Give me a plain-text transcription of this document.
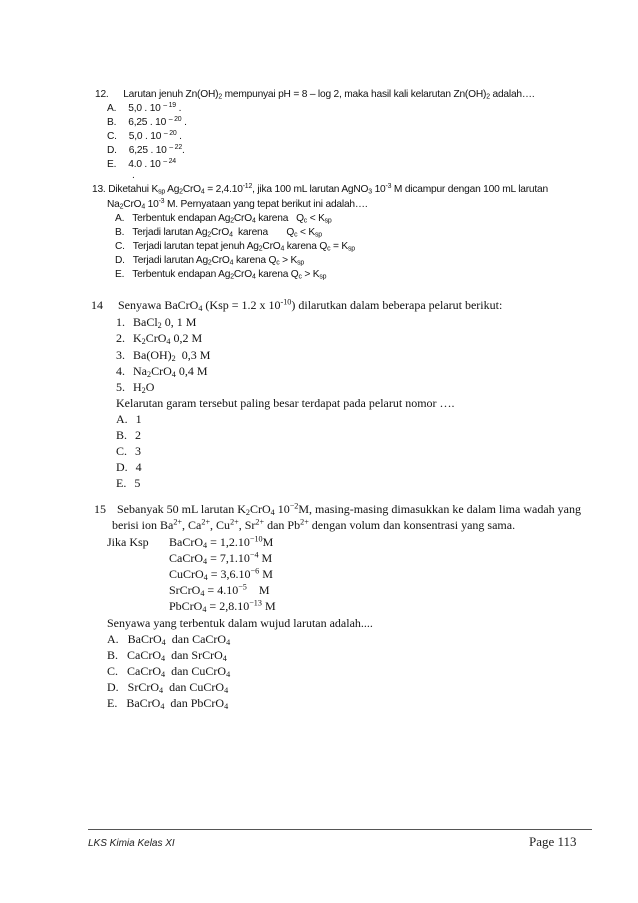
12. Larutan jenuh $Zn(OH)_2$ mempunyai pH = 8 – log 2, maka hasil kali kelarutan $Zn(OH)_2$ adalah….
A. 5,0 . 10 $^{- 19}$ .
B. 6,25 . 10 $^{- 20}$ .
C. 5,0 . 10 $^{- 20}$ .
D. 6,25 . 10 $^{- 22}$.
E. 4.0 . 10 $^{- 24}$
.
13. Diketahui $K_{sp}$ $Ag_2CrO_4 = 2,4.10^{-12}$, jika 100 mL larutan AgNO$_3$ $10^{-3}$ M dicampur dengan 100 mL larutan
$Na_2CrO_4$ $10^{-3}$ M. Pernyataan yang tepat berikut ini adalah….
A. Terbentuk endapan $Ag_2CrO_4$ karena   $Q_c < K_{sp}$
B. Terjadi larutan $Ag_2CrO_4$  karena       $Q_c < K_{sp}$
C. Terjadi larutan tepat jenuh $Ag_2CrO_4$ karena $Q_c = K_{sp}$
D. Terjadi larutan $Ag_2CrO_4$ karena $Q_c > K_{sp}$
E. Terbentuk endapan $Ag_2CrO_4$ karena $Q_c > K_{sp}$
14 Senyawa BaCrO$_4$ (Ksp = 1.2 x $10^{-10}$) dilarutkan dalam beberapa pelarut berikut:
1. BaCl$_2$ 0, 1 M
2. $K_2CrO_4$ 0,2 M
3. $Ba(OH)_2$  0,3 M
4. $Na_2CrO_4$ 0,4 M
5. $H_2O$
Kelarutan garam tersebut paling besar terdapat pada pelarut nomor ….
A. 1
B. 2
C. 3
D. 4
E. 5
15 Sebanyak 50 mL larutan $K_2CrO_4$ $10^{-2}M$, masing-masing dimasukkan ke dalam lima wadah yang
berisi ion $Ba^{2+}$, $Ca^{2+}$, $Cu^{2+}$, $Sr^{2+}$ dan $Pb^{2+}$ dengan volum dan konsentrasi yang sama.
Jika Ksp BaCrO$_4$ = $1,2.10^{-10}M$
CaCrO$_4$ = $7,1.10^{-4}$ M
CuCrO$_4$ = $3,6.10^{-6}$ M
SrCrO$_4$ = $4.10^{-5}$    M
PbCrO$_4$ = $2,8.10^{-13}$ M
Senyawa yang terbentuk dalam wujud larutan adalah....
A. BaCrO$_4$  dan CaCrO$_4$
B. CaCrO$_4$  dan SrCrO$_4$
C. CaCrO$_4$  dan CuCrO$_4$
D. SrCrO$_4$  dan CuCrO$_4$
E. BaCrO$_4$  dan PbCrO$_4$
LKS Kimia Kelas XI	Page 113
